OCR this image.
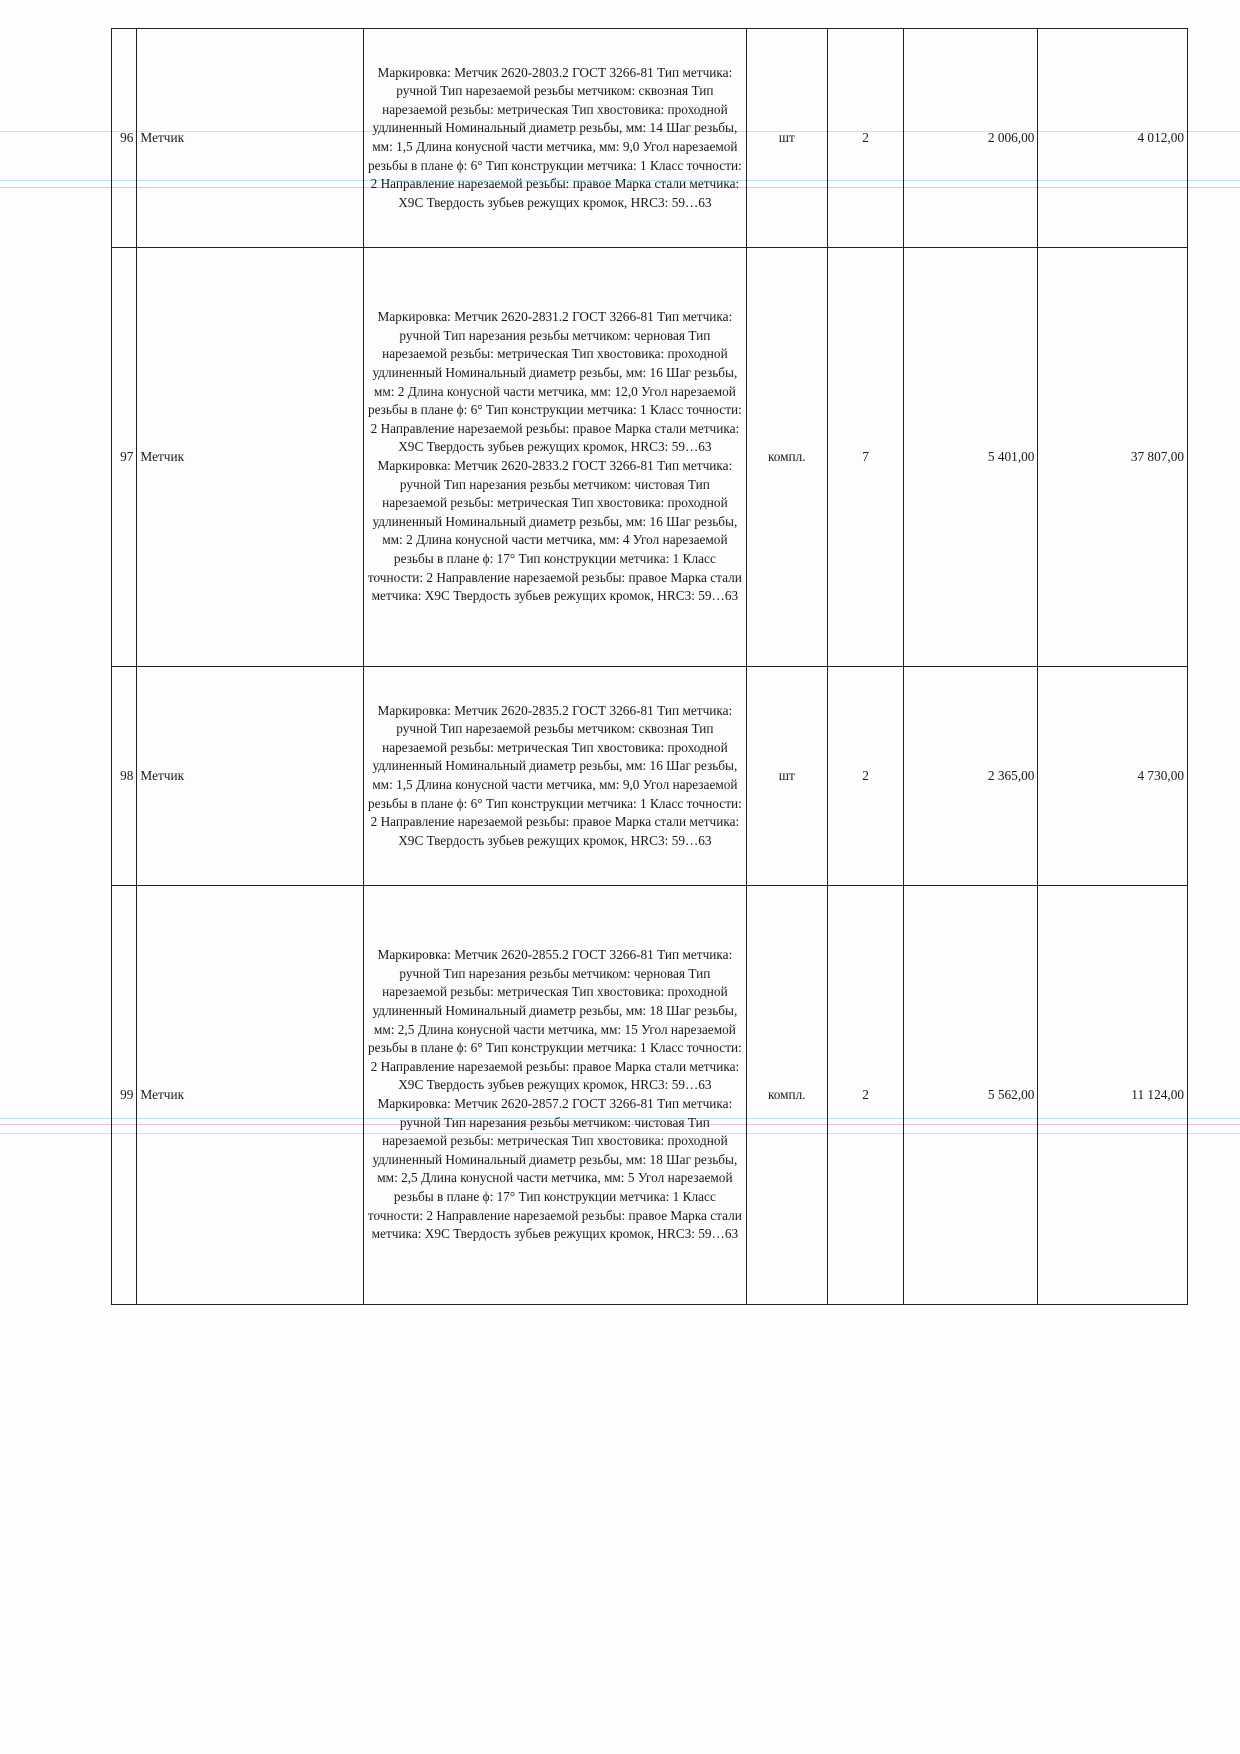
96	Метчик	Маркировка: Метчик 2620-2803.2 ГОСТ 3266-81 Тип метчика: ручной Тип нарезаемой резьбы метчиком: сквозная Тип нарезаемой резьбы: метрическая Тип хвостовика: проходной удлиненный Номинальный диаметр резьбы, мм: 14 Шаг резьбы, мм: 1,5 Длина конусной части метчика, мм: 9,0 Угол нарезаемой резьбы в плане ϕ: 6° Тип конструкции метчика: 1 Класс точности: 2 Направление нарезаемой резьбы: правое Марка стали метчика: Х9С Твердость зубьев режущих кромок, HRC3: 59…63	шт	2	2 006,00	4 012,00
97	Метчик	Маркировка: Метчик 2620-2831.2 ГОСТ 3266-81 Тип метчика: ручной Тип нарезания резьбы метчиком: черновая Тип нарезаемой резьбы: метрическая Тип хвостовика: проходной удлиненный Номинальный диаметр резьбы, мм: 16 Шаг резьбы, мм: 2 Длина конусной части метчика, мм: 12,0 Угол нарезаемой резьбы в плане ϕ: 6° Тип конструкции метчика: 1 Класс точности: 2 Направление нарезаемой резьбы: правое Марка стали метчика: Х9С Твердость зубьев режущих кромок, HRC3: 59…63 Маркировка: Метчик 2620-2833.2 ГОСТ 3266-81 Тип метчика: ручной Тип нарезания резьбы метчиком: чистовая Тип нарезаемой резьбы: метрическая Тип хвостовика: проходной удлиненный Номинальный диаметр резьбы, мм: 16 Шаг резьбы, мм: 2 Длина конусной части метчика, мм: 4 Угол нарезаемой резьбы в плане ϕ: 17° Тип конструкции метчика: 1 Класс точности: 2 Направление нарезаемой резьбы: правое Марка стали метчика: Х9С Твердость зубьев режущих кромок, HRC3: 59…63	компл.	7	5 401,00	37 807,00
98	Метчик	Маркировка: Метчик 2620-2835.2 ГОСТ 3266-81 Тип метчика: ручной Тип нарезаемой резьбы метчиком: сквозная Тип нарезаемой резьбы: метрическая Тип хвостовика: проходной удлиненный Номинальный диаметр резьбы, мм: 16 Шаг резьбы, мм: 1,5 Длина конусной части метчика, мм: 9,0 Угол нарезаемой резьбы в плане ϕ: 6° Тип конструкции метчика: 1 Класс точности: 2 Направление нарезаемой резьбы: правое Марка стали метчика: Х9С Твердость зубьев режущих кромок, HRC3: 59…63	шт	2	2 365,00	4 730,00
99	Метчик	Маркировка: Метчик 2620-2855.2 ГОСТ 3266-81 Тип метчика: ручной Тип нарезания резьбы метчиком: черновая Тип нарезаемой резьбы: метрическая Тип хвостовика: проходной удлиненный Номинальный диаметр резьбы, мм: 18 Шаг резьбы, мм: 2,5 Длина конусной части метчика, мм: 15 Угол нарезаемой резьбы в плане ϕ: 6° Тип конструкции метчика: 1 Класс точности: 2 Направление нарезаемой резьбы: правое Марка стали метчика: Х9С Твердость зубьев режущих кромок, HRC3: 59…63 Маркировка: Метчик 2620-2857.2 ГОСТ 3266-81 Тип метчика: ручной Тип нарезания резьбы метчиком: чистовая Тип нарезаемой резьбы: метрическая Тип хвостовика: проходной удлиненный Номинальный диаметр резьбы, мм: 18 Шаг резьбы, мм: 2,5 Длина конусной части метчика, мм: 5 Угол нарезаемой резьбы в плане ϕ: 17° Тип конструкции метчика: 1 Класс точности: 2 Направление нарезаемой резьбы: правое Марка стали метчика: Х9С Твердость зубьев режущих кромок, HRC3: 59…63	компл.	2	5 562,00	11 124,00
